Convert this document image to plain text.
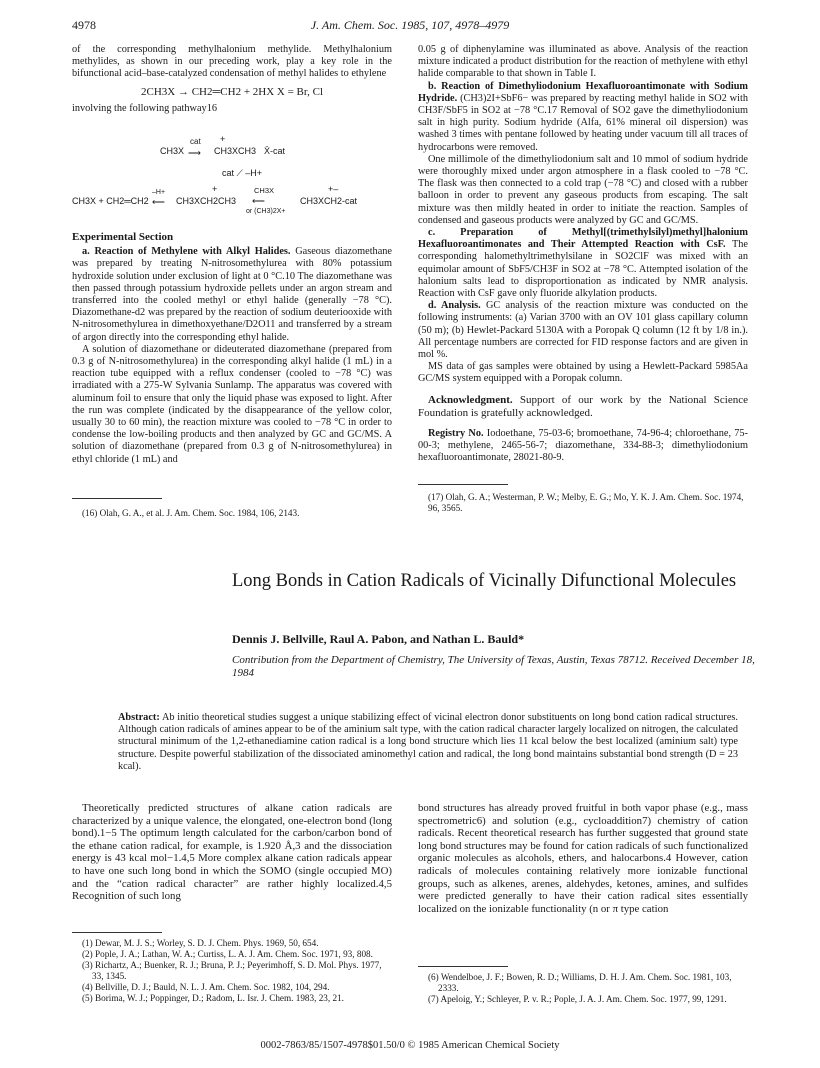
4978	J. Am. Chem. Soc. 1985, 107, 4978–4979

of the corresponding methylhalonium methylide. Methylhalonium methylides, as shown in our preceding work, play a key role in the bifunctional acid–base-catalyzed condensation of methyl halides to ethylene

2CH3X → CH2═CH2 + 2HX X = Br, Cl

involving the following pathway16

+
CH3X
cat
⟶ CH3XCH3 X̄-cat
cat ⟋ –H+
+	+–
CH3X + CH2═CH2
–H+
⟵ CH3XCH2CH3
CH3X
⟵
or (CH3)2X+
CH3XCH2-cat
Experimental Section

a. Reaction of Methylene with Alkyl Halides. Gaseous diazomethane was prepared by treating N-nitrosomethylurea with 80% potassium hydroxide solution under exclusion of light at 0 °C.10 The diazomethane was then passed through potassium hydroxide pellets under an argon stream and transferred into the cooled methyl or ethyl halide (generally −78 °C). Diazomethane-d2 was prepared by the reaction of sodium deuteriooxide with N-nitrosomethylurea in dimethoxyethane/D2O11 and transferred by a stream of argon directly into the corresponding ethyl halide.

A solution of diazomethane or dideuterated diazomethane (prepared from 0.3 g of N-nitrosomethylurea) in the corresponding alkyl halide (1 mL) in a reaction tube equipped with a reflux condenser (cooled to −78 °C) was irradiated with a 275-W Sylvania Sunlamp. The apparatus was covered with aluminum foil to ensure that only the liquid phase was exposed to light. After the run was complete (indicated by the disappearance of the yellow color, usually 30 to 60 min), the reaction mixture was cooled to −78 °C in order to condense the low-boiling products and then analyzed by GC and GC/MS. A solution of diazomethane (prepared from 0.3 g of N-nitrosomethylurea) in ethyl chloride (1 mL) and

(16) Olah, G. A., et al. J. Am. Chem. Soc. 1984, 106, 2143.

0.05 g of diphenylamine was illuminated as above. Analysis of the reaction mixture indicated a product distribution for the reaction of methylene with ethyl halide comparable to that shown in Table I.

b. Reaction of Dimethyliodonium Hexafluoroantimonate with Sodium Hydride. (CH3)2I+SbF6− was prepared by reacting methyl halide in SO2 with CH3F/SbF5 in SO2 at −78 °C.17 Removal of SO2 gave the dimethyliodonium salt in high purity. Sodium hydride (Alfa, 61% mineral oil dispersion) was washed 3 times with pentane followed by heating under vacuum till all traces of hydrocarbons were removed.

One millimole of the dimethyliodonium salt and 10 mmol of sodium hydride were thoroughly mixed under argon atmosphere in a flask cooled to −78 °C. The flask was then connected to a cold trap (−78 °C) and closed with a rubber balloon in order to prevent any gaseous products from escaping. The salt mixture was then mildly heated in order to initiate the reaction. Samples of condensed and gaseous products were analyzed by GC and GC/MS.

c. Preparation of Methyl[(trimethylsilyl)methyl]halonium Hexafluoroantimonates and Their Attempted Reaction with CsF. The corresponding halomethyltrimethylsilane in SO2ClF was mixed with an equimolar amount of SbF5/CH3F in SO2 at −78 °C. Attempted isolation of the halonium salts lead to disproportionation as indicated by NMR analysis. Reaction with CsF gave only fluoride alkylation products.

d. Analysis. GC analysis of the reaction mixture was conducted on the following instruments: (a) Varian 3700 with an OV 101 glass capillary column (50 m); (b) Hewlet-Packard 5130A with a Poropak Q column (12 ft by 1/8 in.). All percentage numbers are corrected for FID response factors and are given in mol %.

MS data of gas samples were obtained by using a Hewlett-Packard 5985Aa GC/MS system equipped with a Poropak column.

Acknowledgment. Support of our work by the National Science Foundation is gratefully acknowledged.

Registry No. Iodoethane, 75-03-6; bromoethane, 74-96-4; chloroethane, 75-00-3; methylene, 2465-56-7; diazomethane, 334-88-3; dimethyliodonium hexafluoroantimonate, 28021-80-9.

(17) Olah, G. A.; Westerman, P. W.; Melby, E. G.; Mo, Y. K. J. Am. Chem. Soc. 1974, 96, 3565.
Long Bonds in Cation Radicals of Vicinally Difunctional Molecules
Dennis J. Bellville, Raul A. Pabon, and Nathan L. Bauld*
Contribution from the Department of Chemistry, The University of Texas, Austin, Texas 78712. Received December 18, 1984
Abstract: Ab initio theoretical studies suggest a unique stabilizing effect of vicinal electron donor substituents on long bond cation radical structures. Although cation radicals of amines appear to be of the aminium salt type, with the cation radical character largely localized on nitrogen, the calculated structural minimum of the 1,2-ethanediamine cation radical is a long bond structure which lies 11 kcal below the best localized (aminium salt) type structure. Despite powerful stabilization of the dissociated aminomethyl cation and radical, the long bond maintains substantial bond strength (D = 23 kcal).

Theoretically predicted structures of alkane cation radicals are characterized by a unique valence, the elongated, one-electron bond (long bond).1−5 The optimum length calculated for the carbon/carbon bond of the ethane cation radical, for example, is 1.920 Å,3 and the dissociation energy is 43 kcal mol−1.4,5 More complex alkane cation radicals appear to have one such long bond in which the SOMO (single occupied MO) and the “cation radical character” are rather highly localized.4,5 Recognition of such long

bond structures has already proved fruitful in both vapor phase (e.g., mass spectrometric6) and solution (e.g., cycloaddition7) chemistry of cation radicals. Recent theoretical research has further suggested that ground state long bond structures may be found for cation radicals of such functionalized organic molecules as alcohols, ethers, and halocarbons.4 However, cation radicals of molecules containing relatively more ionizable functional groups, such as alkenes, arenes, aldehydes, ketones, amines, and sulfides were predicted generally to have their cation radical sites essentially localized on the ionizable functionality (n or π type cation

(1) Dewar, M. J. S.; Worley, S. D. J. Chem. Phys. 1969, 50, 654.
(2) Pople, J. A.; Lathan, W. A.; Curtiss, L. A. J. Am. Chem. Soc. 1971, 93, 808.
(3) Richartz, A.; Buenker, R. J.; Bruna, P. J.; Peyerimhoff, S. D. Mol. Phys. 1977, 33, 1345.
(4) Bellville, D. J.; Bauld, N. L. J. Am. Chem. Soc. 1982, 104, 294.
(5) Borima, W. J.; Poppinger, D.; Radom, L. Isr. J. Chem. 1983, 23, 21.
(6) Wendelboe, J. F.; Bowen, R. D.; Williams, D. H. J. Am. Chem. Soc. 1981, 103, 2333.
(7) Apeloig, Y.; Schleyer, P. v. R.; Pople, J. A. J. Am. Chem. Soc. 1977, 99, 1291.
0002-7863/85/1507-4978$01.50/0 © 1985 American Chemical Society
